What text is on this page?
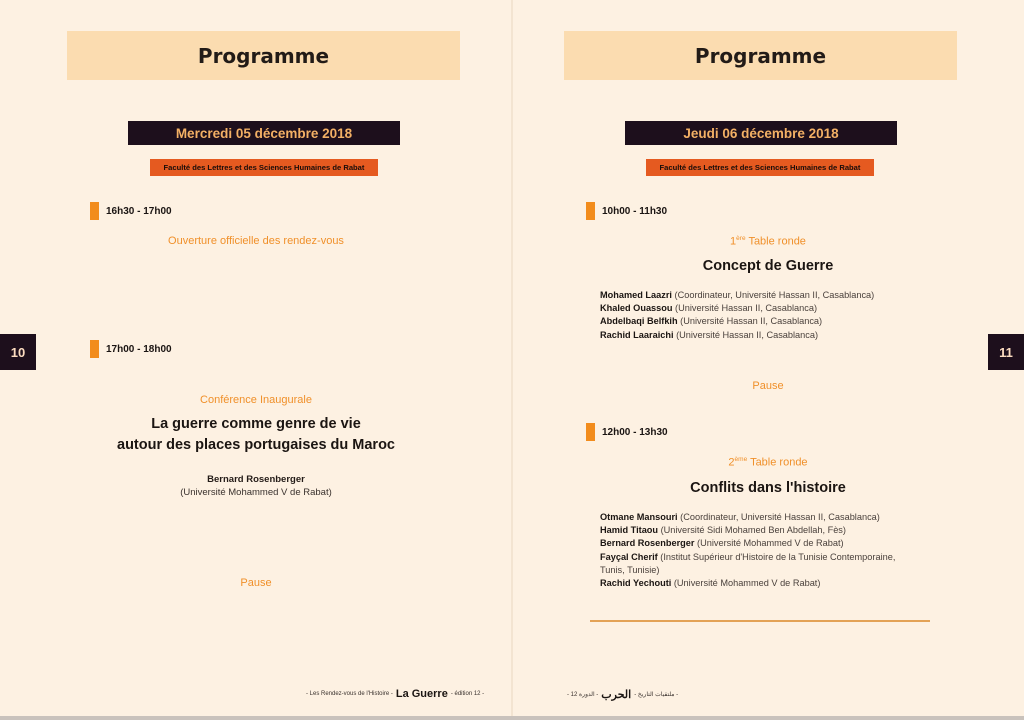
Programme
Mercredi 05 décembre 2018
Faculté des Lettres et des Sciences Humaines de Rabat
16h30 - 17h00
Ouverture officielle des rendez-vous
17h00 - 18h00
Conférence Inaugurale
La guerre comme genre de vie
autour des places portugaises du Maroc
Bernard Rosenberger
(Université Mohammed V de Rabat)
Pause
- Les Rendez-vous de l'Histoire - La Guerre - édition 12 -
Programme
Jeudi 06 décembre 2018
Faculté des Lettres et des Sciences Humaines de Rabat
10h00 - 11h30
1ère Table ronde
Concept de Guerre
Mohamed Laazri (Coordinateur, Université Hassan II, Casablanca)
Khaled Ouassou (Université Hassan II, Casablanca)
Abdelbaqi Belfkih (Université Hassan II, Casablanca)
Rachid Laaraichi (Université Hassan II, Casablanca)
Pause
12h00 - 13h30
2ème Table ronde
Conflits dans l'histoire
Otmane Mansouri (Coordinateur, Université Hassan II, Casablanca)
Hamid Titaou (Université Sidi Mohamed Ben Abdellah, Fès)
Bernard Rosenberger (Université Mohammed V de Rabat)
Fayçal Cherif (Institut Supérieur d'Histoire de la Tunisie Contemporaine,
Tunis, Tunisie)
Rachid Yechouti (Université Mohammed V de Rabat)
- الدورة 12 - الحرب - ملتقيات التاريخ -
10	11
